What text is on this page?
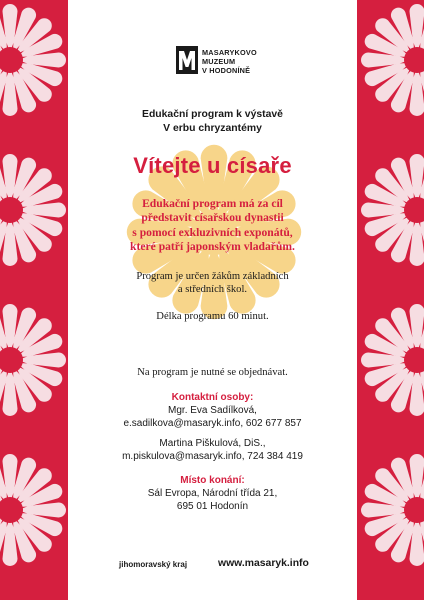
MASARYKOVO
MUZEUM
V HODONÍNĚ
Edukační program k výstavě
V erbu chryzantémy
Vítejte u císaře
Edukační program má za cíl
představit císařskou dynastii
s pomocí exkluzivních exponátů,
které patří japonským vladařům.
Program je určen žákům základních
a středních škol.
Délka programu 60 minut.
Na program je nutné se objednávat.
Kontaktní osoby:
Mgr. Eva Sadílková,
e.sadilkova@masaryk.info, 602 677 857
Martina Piškulová, DiS.,
m.piskulova@masaryk.info, 724 384 419
Místo konání:
Sál Evropa, Národní třída 21,
695 01 Hodonín
jihomoravský kraj	www.masaryk.info
